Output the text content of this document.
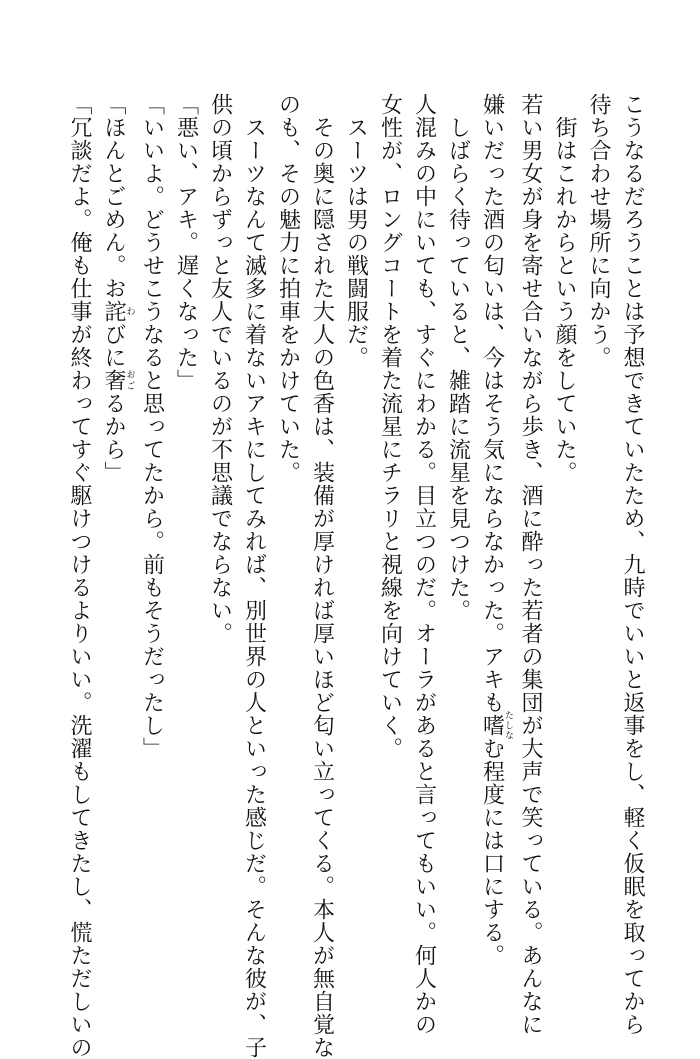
こうなるだろうことは予想できていたため、九時でいいと返事をし、軽く仮眠を取ってから
待ち合わせ場所に向かう。
　街はこれからという顔をしていた。
若い男女が身を寄せ合いながら歩き、酒に酔った若者の集団が大声で笑っている。あんなに
嫌いだった酒の匂いは、今はそう気にならなかった。アキも嗜たしなむ程度には口にする。
　しばらく待っていると、雑踏に流星を見つけた。
人混みの中にいても、すぐにわかる。目立つのだ。オーラがあると言ってもいい。何人かの
女性が、ロングコートを着た流星にチラリと視線を向けていく。
　スーツは男の戦闘服だ。
　その奥に隠された大人の色香は、装備が厚ければ厚いほど匂い立ってくる。本人が無自覚な
のも、その魅力に拍車をかけていた。
　スーツなんて滅多に着ないアキにしてみれば、別世界の人といった感じだ。そんな彼が、子
供の頃からずっと友人でいるのが不思議でならない。
「悪い、アキ。遅くなった」
「いいよ。どうせこうなると思ってたから。前もそうだったし」
「ほんとごめん。お詫わびに奢おごるから」
「冗談だよ。俺も仕事が終わってすぐ駆けつけるよりいい。洗濯もしてきたし、慌ただしいの
